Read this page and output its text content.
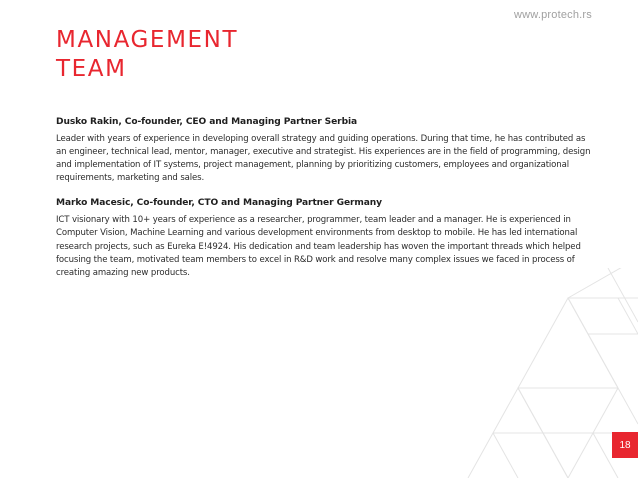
www.protech.rs
MANAGEMENT
TEAM

Dusko Rakin, Co-founder, CEO and Managing Partner Serbia

Leader with years of experience in developing overall strategy and guiding operations. During that time, he has contributed as an engineer, technical lead, mentor, manager, executive and strategist. His experiences are in the field of programming, design and implementation of IT systems, project management, planning by prioritizing customers, employees and organizational requirements, marketing and sales.

Marko Macesic, Co-founder, CTO and Managing Partner Germany

ICT visionary with 10+ years of experience as a researcher, programmer, team leader and a manager. He is experienced in Computer Vision, Machine Learning and various development environments from desktop to mobile. He has led international research projects, such as Eureka E!4924. His dedication and team leadership has woven the important threads which helped focusing the team, motivated team members to excel in R&D work and resolve many complex issues we faced in process of creating amazing new products.

18
